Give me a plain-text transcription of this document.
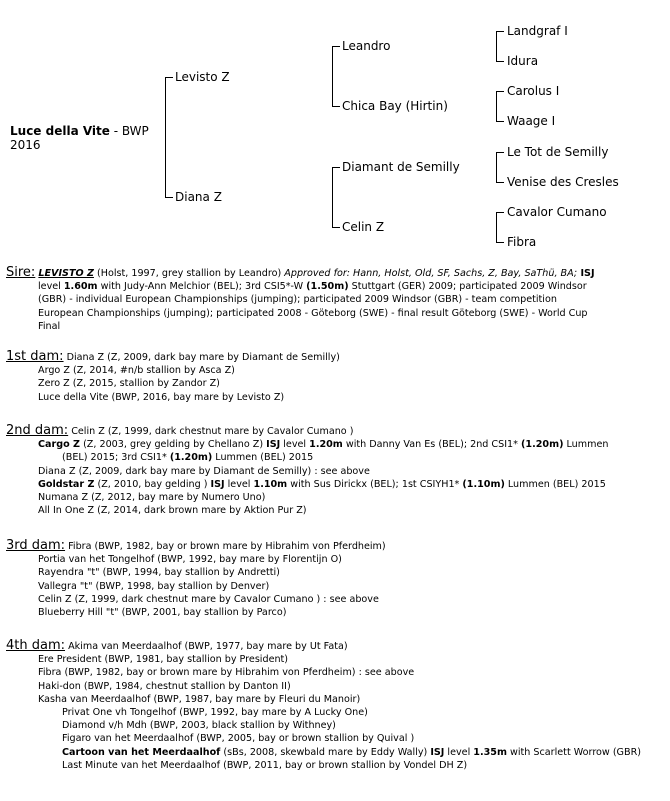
Luce della Vite - BWP
2016
Levisto Z
Diana Z
Leandro
Chica Bay (Hirtin)
Diamant de Semilly
Celin Z
Landgraf I
Idura
Carolus I
Waage I
Le Tot de Semilly
Venise des Cresles
Cavalor Cumano
Fibra
Sire: LEVISTO Z (Holst, 1997, grey stallion by Leandro) Approved for: Hann, Holst, Old, SF, Sachs, Z, Bay, SaThü, BA; ISJ
level 1.60m with Judy-Ann Melchior (BEL); 3rd CSI5*-W (1.50m) Stuttgart (GER) 2009; participated 2009 Windsor
(GBR) - individual European Championships (jumping); participated 2009 Windsor (GBR) - team competition
European Championships (jumping); participated 2008 - Göteborg (SWE) - final result Göteborg (SWE) - World Cup
Final
1st dam: Diana Z (Z, 2009, dark bay mare by Diamant de Semilly)
Argo Z (Z, 2014, #n/b stallion by Asca Z)
Zero Z (Z, 2015, stallion by Zandor Z)
Luce della Vite (BWP, 2016, bay mare by Levisto Z)
2nd dam: Celin Z (Z, 1999, dark chestnut mare by Cavalor Cumano )
Cargo Z (Z, 2003, grey gelding by Chellano Z) ISJ level 1.20m with Danny Van Es (BEL); 2nd CSI1* (1.20m) Lummen
(BEL) 2015; 3rd CSI1* (1.20m) Lummen (BEL) 2015
Diana Z (Z, 2009, dark bay mare by Diamant de Semilly) : see above
Goldstar Z (Z, 2010, bay gelding ) ISJ level 1.10m with Sus Dirickx (BEL); 1st CSIYH1* (1.10m) Lummen (BEL) 2015
Numana Z (Z, 2012, bay mare by Numero Uno)
All In One Z (Z, 2014, dark brown mare by Aktion Pur Z)
3rd dam: Fibra (BWP, 1982, bay or brown mare by Hibrahim von Pferdheim)
Portia van het Tongelhof (BWP, 1992, bay mare by Florentijn O)
Rayendra "t" (BWP, 1994, bay stallion by Andretti)
Vallegra "t" (BWP, 1998, bay stallion by Denver)
Celin Z (Z, 1999, dark chestnut mare by Cavalor Cumano ) : see above
Blueberry Hill "t" (BWP, 2001, bay stallion by Parco)
4th dam: Akima van Meerdaalhof (BWP, 1977, bay mare by Ut Fata)
Ere President (BWP, 1981, bay stallion by President)
Fibra (BWP, 1982, bay or brown mare by Hibrahim von Pferdheim) : see above
Haki-don (BWP, 1984, chestnut stallion by Danton II)
Kasha van Meerdaalhof (BWP, 1987, bay mare by Fleuri du Manoir)
Privat One vh Tongelhof (BWP, 1992, bay mare by A Lucky One)
Diamond v/h Mdh (BWP, 2003, black stallion by Withney)
Figaro van het Meerdaalhof (BWP, 2005, bay or brown stallion by Quival )
Cartoon van het Meerdaalhof (sBs, 2008, skewbald mare by Eddy Wally) ISJ level 1.35m with Scarlett Worrow (GBR)
Last Minute van het Meerdaalhof (BWP, 2011, bay or brown stallion by Vondel DH Z)
